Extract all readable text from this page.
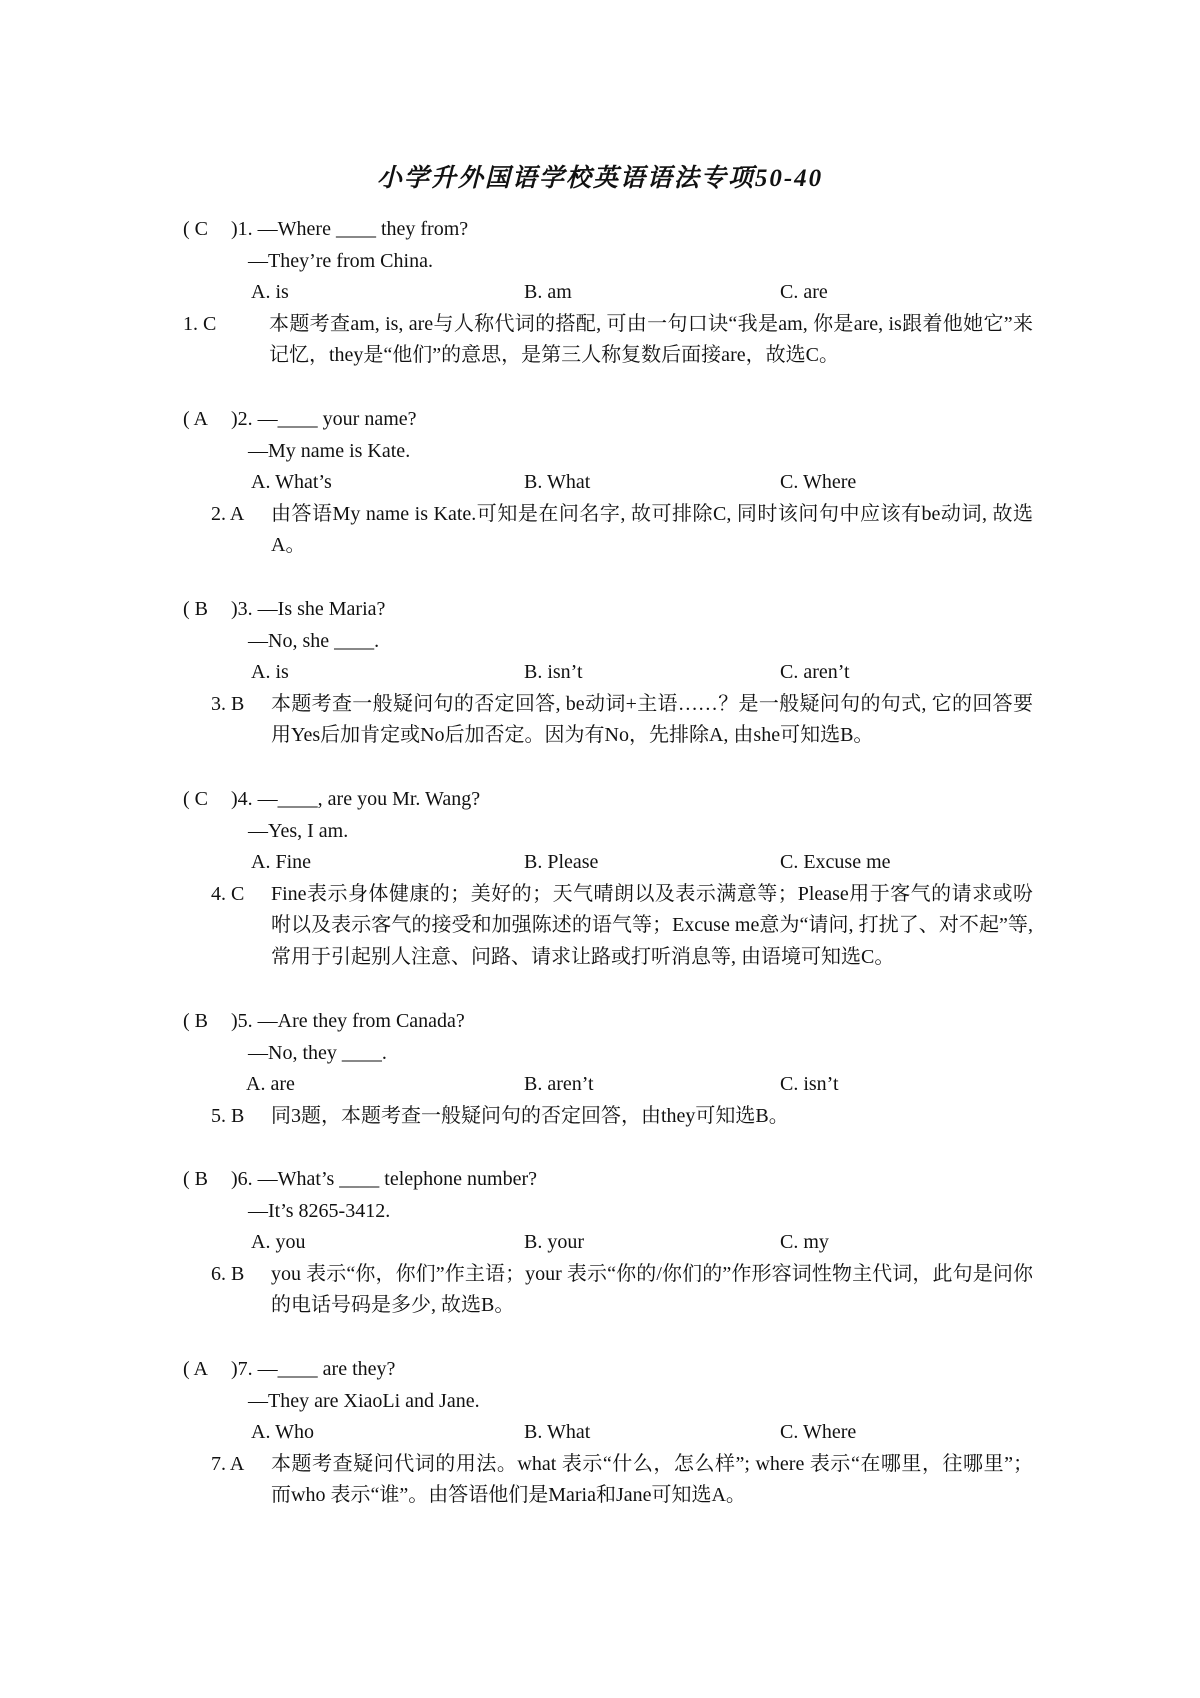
小学升外国语学校英语语法专项50-40
( C )1. —Where ____ they from?
—They’re from China.
A. is	B. am	C. are
1. C	本题考查am, is, are与人称代词的搭配, 可由一句口诀“我是am, 你是are, is跟着他她它”来记忆，they是“他们”的意思，是第三人称复数后面接are，故选C。
( A )2. —____ your name?
—My name is Kate.
A. What’s	B. What	C. Where
2. A 由答语My name is Kate.可知是在问名字, 故可排除C, 同时该问句中应该有be动词, 故选A。
( B )3. —Is she Maria?
—No, she ____.
A. is	B. isn’t	C. aren’t
3. B 本题考查一般疑问句的否定回答, be动词+主语……？是一般疑问句的句式, 它的回答要用Yes后加肯定或No后加否定。因为有No，先排除A, 由she可知选B。
( C )4. —____, are you Mr. Wang?
—Yes, I am.
A. Fine	B. Please	C. Excuse me
4. C Fine表示身体健康的；美好的；天气晴朗以及表示满意等；Please用于客气的请求或吩咐以及表示客气的接受和加强陈述的语气等；Excuse me意为“请问, 打扰了、对不起”等, 常用于引起别人注意、问路、请求让路或打听消息等, 由语境可知选C。
( B )5. —Are they from Canada?
—No, they ____.
A. are	B. aren’t	C. isn’t
5. B 同3题，本题考查一般疑问句的否定回答，由they可知选B。
( B )6. —What’s ____ telephone number?
—It’s 8265-3412.
A. you	B. your	C. my
6. B you 表示“你，你们”作主语；your 表示“你的/你们的”作形容词性物主代词，此句是问你的电话号码是多少, 故选B。
( A )7. —____ are they?
—They are XiaoLi and Jane.
A. Who	B. What	C. Where
7. A 本题考查疑问代词的用法。what 表示“什么，怎么样”; where 表示“在哪里，往哪里”；而who 表示“谁”。由答语他们是Maria和Jane可知选A。
